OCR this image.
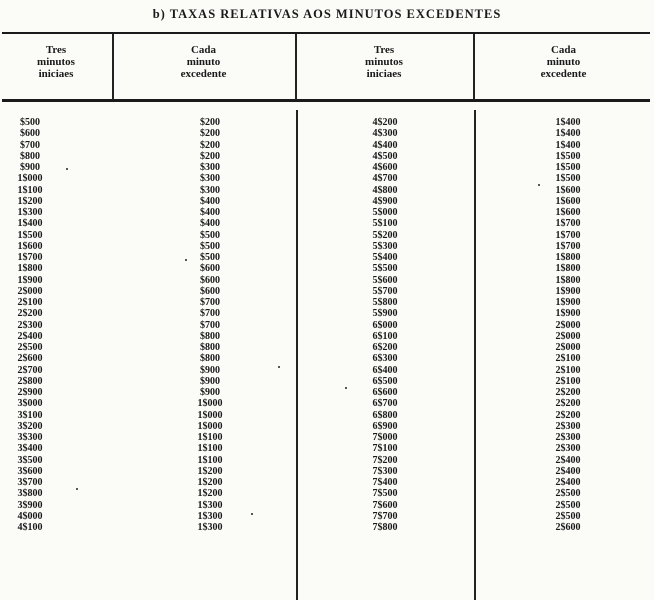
b) TAXAS RELATIVAS AOS MINUTOS EXCEDENTES
Tres
minutos
iniciaes
Cada
minuto
excedente
Tres
minutos
iniciaes
Cada
minuto
excedente
$500
$600
$700
$800
$900
1$000
1$100
1$200
1$300
1$400
1$500
1$600
1$700
1$800
1$900
2$000
2$100
2$200
2$300
2$400
2$500
2$600
2$700
2$800
2$900
3$000
3$100
3$200
3$300
3$400
3$500
3$600
3$700
3$800
3$900
4$000
4$100
$200
$200
$200
$200
$300
$300
$300
$400
$400
$400
$500
$500
$500
$600
$600
$600
$700
$700
$700
$800
$800
$800
$900
$900
$900
1$000
1$000
1$000
1$100
1$100
1$100
1$200
1$200
1$200
1$300
1$300
1$300
4$200
4$300
4$400
4$500
4$600
4$700
4$800
4$900
5$000
5$100
5$200
5$300
5$400
5$500
5$600
5$700
5$800
5$900
6$000
6$100
6$200
6$300
6$400
6$500
6$600
6$700
6$800
6$900
7$000
7$100
7$200
7$300
7$400
7$500
7$600
7$700
7$800
1$400
1$400
1$400
1$500
1$500
1$500
1$600
1$600
1$600
1$700
1$700
1$700
1$800
1$800
1$800
1$900
1$900
1$900
2$000
2$000
2$000
2$100
2$100
2$100
2$200
2$200
2$200
2$300
2$300
2$300
2$400
2$400
2$400
2$500
2$500
2$500
2$600
